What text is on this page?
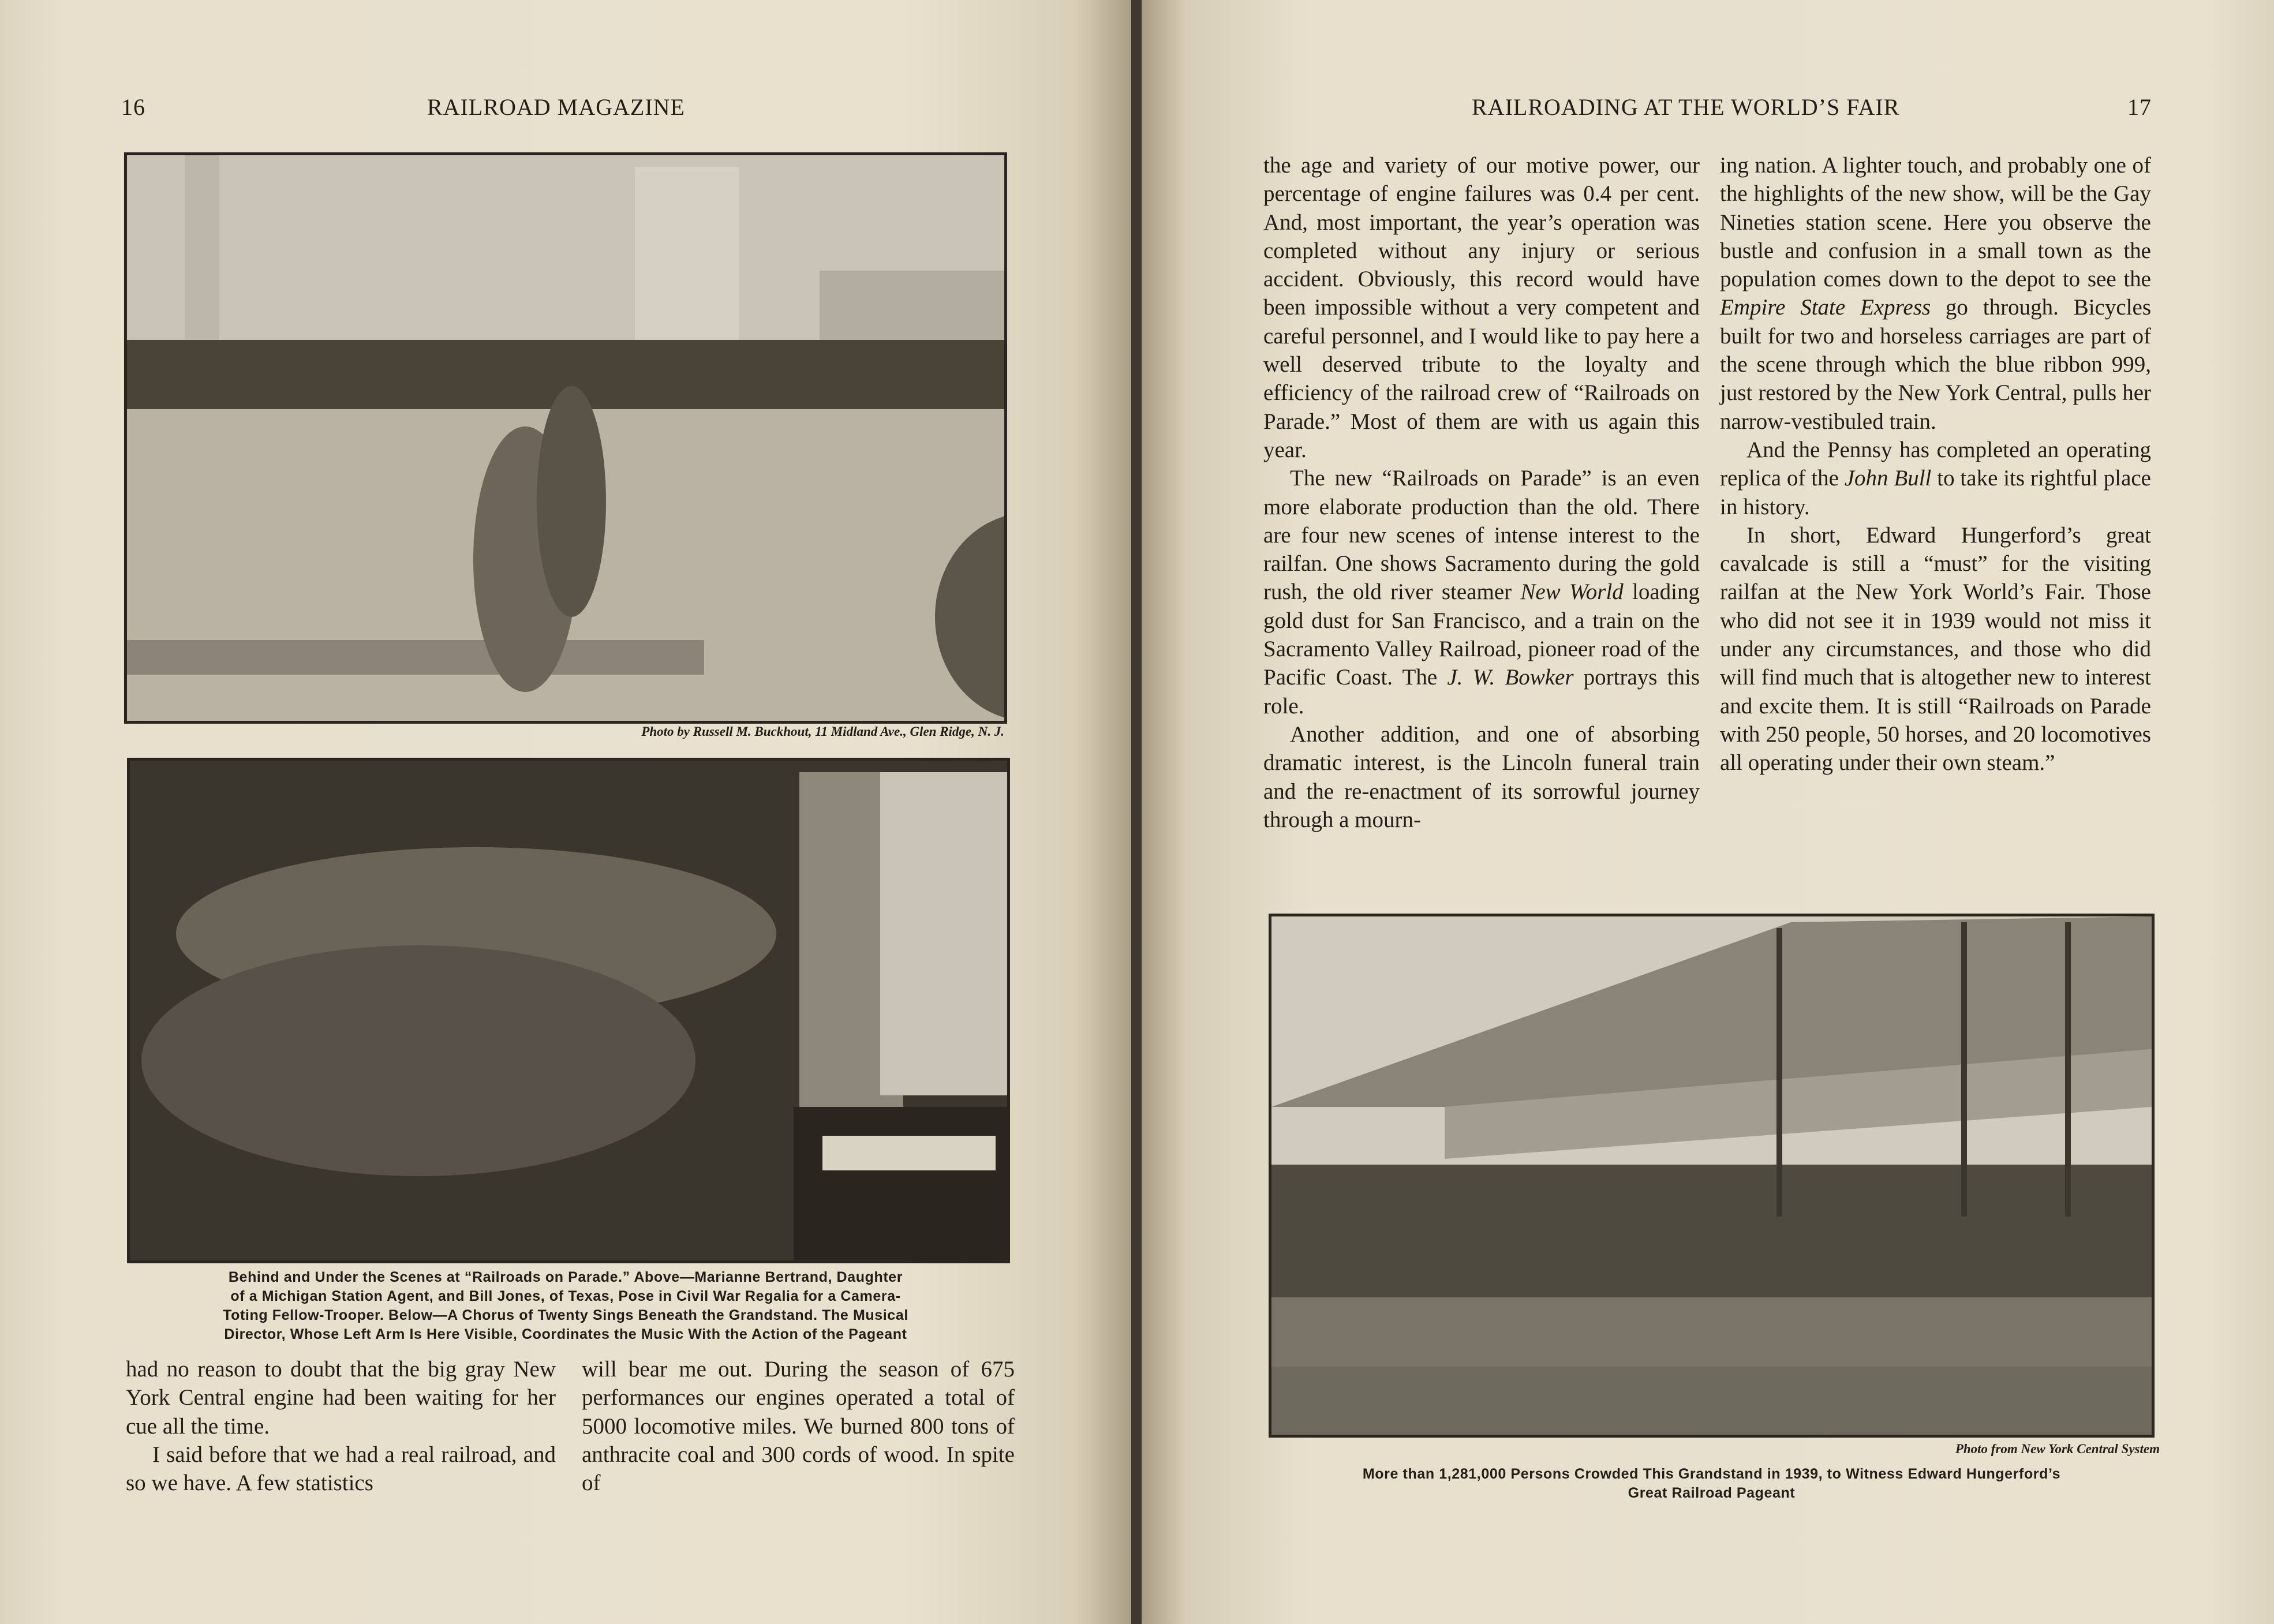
16	RAILROAD MAGAZINE
Photo by Russell M. Buckhout, 11 Midland Ave., Glen Ridge, N. J.
Behind and Under the Scenes at “Railroads on Parade.” Above—Marianne Bertrand, Daughter
of a Michigan Station Agent, and Bill Jones, of Texas, Pose in Civil War Regalia for a Camera-
Toting Fellow-Trooper. Below—A Chorus of Twenty Sings Beneath the Grandstand. The Musical
Director, Whose Left Arm Is Here Visible, Coordinates the Music With the Action of the Pageant

had no reason to doubt that the big gray New York Central engine had been waiting for her cue all the time.

I said before that we had a real railroad, and so we have. A few statistics

will bear me out. During the season of 675 performances our engines operated a total of 5000 locomotive miles. We burned 800 tons of anthracite coal and 300 cords of wood. In spite of

RAILROADING AT THE WORLD’S FAIR	17

the age and variety of our motive power, our percentage of engine failures was 0.4 per cent. And, most important, the year’s operation was completed without any injury or serious accident. Obviously, this record would have been impossible without a very competent and careful personnel, and I would like to pay here a well deserved tribute to the loyalty and efficiency of the railroad crew of “Railroads on Parade.” Most of them are with us again this year.

The new “Railroads on Parade” is an even more elaborate production than the old. There are four new scenes of intense interest to the railfan. One shows Sacramento during the gold rush, the old river steamer New World loading gold dust for San Francisco, and a train on the Sacramento Valley Railroad, pioneer road of the Pacific Coast. The J. W. Bowker portrays this role.

Another addition, and one of absorbing dramatic interest, is the Lincoln funeral train and the re-enactment of its sorrowful journey through a mourn-

ing nation. A lighter touch, and probably one of the highlights of the new show, will be the Gay Nineties station scene. Here you observe the bustle and confusion in a small town as the population comes down to the depot to see the Empire State Express go through. Bicycles built for two and horseless carriages are part of the scene through which the blue ribbon 999, just restored by the New York Central, pulls her narrow-vestibuled train.

And the Pennsy has completed an operating replica of the John Bull to take its rightful place in history.

In short, Edward Hungerford’s great cavalcade is still a “must” for the visiting railfan at the New York World’s Fair. Those who did not see it in 1939 would not miss it under any circumstances, and those who did will find much that is altogether new to interest and excite them. It is still “Railroads on Parade with 250 people, 50 horses, and 20 locomotives all operating under their own steam.”

Photo from New York Central System
More than 1,281,000 Persons Crowded This Grandstand in 1939, to Witness Edward Hungerford’s
Great Railroad Pageant
